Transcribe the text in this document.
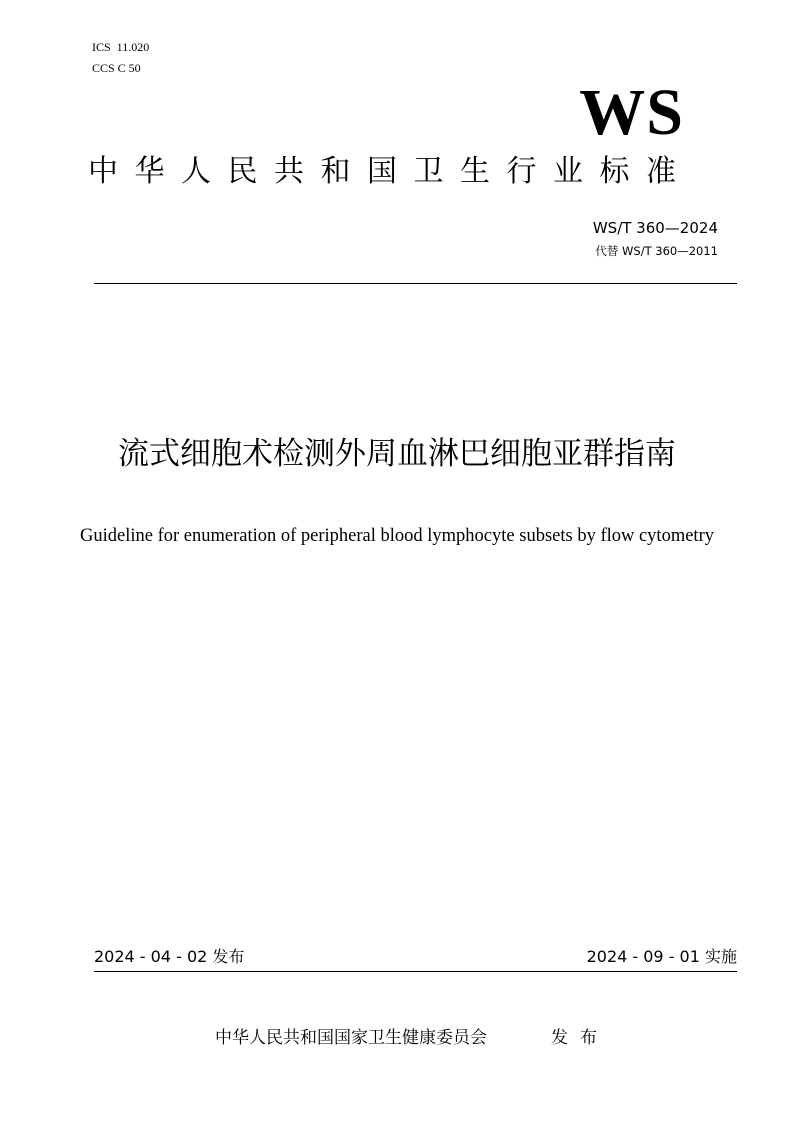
ICS  11.020
CCS C 50
WS
中华人民共和国卫生行业标准
WS/T 360—2024
代替 WS/T 360—2011
流式细胞术检测外周血淋巴细胞亚群指南
Guideline for enumeration of peripheral blood lymphocyte subsets by flow cytometry
2024 - 04 - 02 发布	2024 - 09 - 01 实施
中华人民共和国国家卫生健康委员会	发布
